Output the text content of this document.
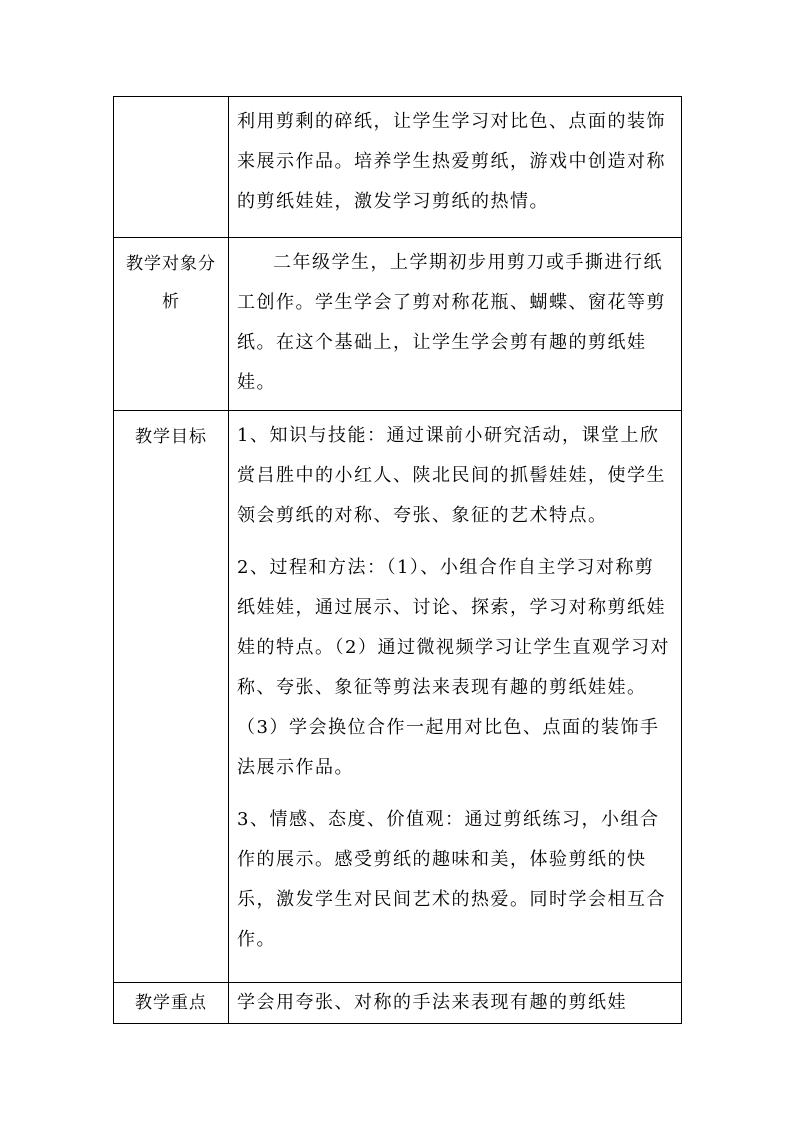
	利用剪剩的碎纸，让学生学习对比色、点面的装饰来展示作品。培养学生热爱剪纸，游戏中创造对称的剪纸娃娃，激发学习剪纸的热情。

教学对象分析	二年级学生，上学期初步用剪刀或手撕进行纸工创作。学生学会了剪对称花瓶、蝴蝶、窗花等剪纸。在这个基础上，让学生学会剪有趣的剪纸娃娃。

教学目标	1、知识与技能：通过课前小研究活动，课堂上欣赏吕胜中的小红人、陕北民间的抓髻娃娃，使学生领会剪纸的对称、夸张、象征的艺术特点。

2、过程和方法：（1）、小组合作自主学习对称剪纸娃娃，通过展示、讨论、探索，学习对称剪纸娃娃的特点。（2）通过微视频学习让学生直观学习对称、夸张、象征等剪法来表现有趣的剪纸娃娃。（3）学会换位合作一起用对比色、点面的装饰手法展示作品。

3、情感、态度、价值观：通过剪纸练习，小组合作的展示。感受剪纸的趣味和美，体验剪纸的快乐，激发学生对民间艺术的热爱。同时学会相互合作。

教学重点	学会用夸张、对称的手法来表现有趣的剪纸娃
